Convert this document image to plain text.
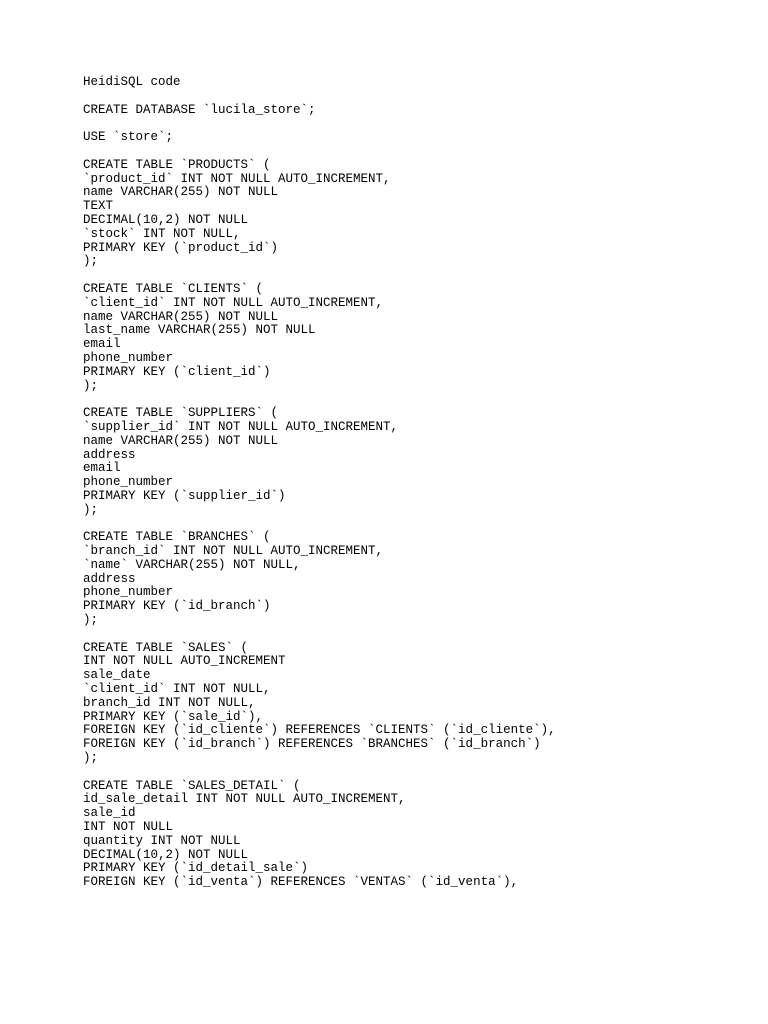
HeidiSQL code
CREATE DATABASE `lucila_store`;
USE `store`;
CREATE TABLE `PRODUCTS` (
`product_id` INT NOT NULL AUTO_INCREMENT,
name VARCHAR(255) NOT NULL
TEXT
DECIMAL(10,2) NOT NULL
`stock` INT NOT NULL,
PRIMARY KEY (`product_id`)
);
CREATE TABLE `CLIENTS` (
`client_id` INT NOT NULL AUTO_INCREMENT,
name VARCHAR(255) NOT NULL
last_name VARCHAR(255) NOT NULL
email
phone_number
PRIMARY KEY (`client_id`)
);
CREATE TABLE `SUPPLIERS` (
`supplier_id` INT NOT NULL AUTO_INCREMENT,
name VARCHAR(255) NOT NULL
address
email
phone_number
PRIMARY KEY (`supplier_id`)
);
CREATE TABLE `BRANCHES` (
`branch_id` INT NOT NULL AUTO_INCREMENT,
`name` VARCHAR(255) NOT NULL,
address
phone_number
PRIMARY KEY (`id_branch`)
);
CREATE TABLE `SALES` (
INT NOT NULL AUTO_INCREMENT
sale_date
`client_id` INT NOT NULL,
branch_id INT NOT NULL,
PRIMARY KEY (`sale_id`),
FOREIGN KEY (`id_cliente`) REFERENCES `CLIENTS` (`id_cliente`),
FOREIGN KEY (`id_branch`) REFERENCES `BRANCHES` (`id_branch`)
);
CREATE TABLE `SALES_DETAIL` (
id_sale_detail INT NOT NULL AUTO_INCREMENT,
sale_id
INT NOT NULL
quantity INT NOT NULL
DECIMAL(10,2) NOT NULL
PRIMARY KEY (`id_detail_sale`)
FOREIGN KEY (`id_venta`) REFERENCES `VENTAS` (`id_venta`),
